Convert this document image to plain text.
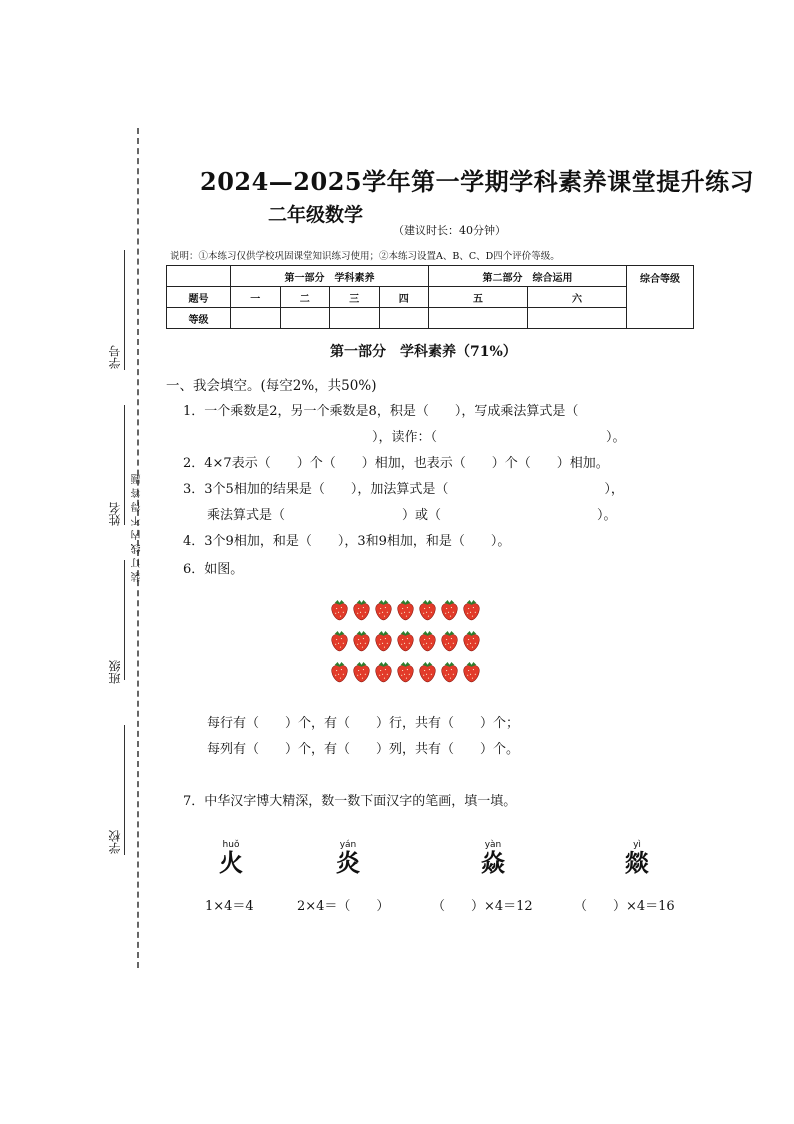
学号
姓名
班级
学校
装订线内不得答题
2024—2025学年第一学期学科素养课堂提升练习
二年级数学
（建议时长：40分钟）
说明：①本练习仅供学校巩固课堂知识练习使用；②本练习设置A、B、C、D四个评价等级。
	第一部分　学科素养				第二部分　综合运用		综合等级
题号	一	二	三	四	五	六	
等级							
第一部分　学科素养（71%）
一、我会填空。(每空2%，共50%)
1．一个乘数是2，另一个乘数是8，积是（　　），写成乘法算式是（
），读作：（　　　　　　　　　　　　　）。
2．4×7表示（　　）个（　　）相加，也表示（　　）个（　　）相加。
3．3个5相加的结果是（　　），加法算式是（　　　　　　　　　　　　），
乘法算式是（　　　　　　　　　）或（　　　　　　　　　　　　）。
4．3个9相加，和是（　　），3和9相加，和是（　　）。
6．如图。
每行有（　　）个，有（　　）行，共有（　　）个；
每列有（　　）个，有（　　）列，共有（　　）个。
7．中华汉字博大精深，数一数下面汉字的笔画，填一填。
huǒ
火
yán
炎
yàn
焱
yì
燚
1×4＝4	2×4＝（　　）	（　　）×4＝12	（　　）×4＝16
